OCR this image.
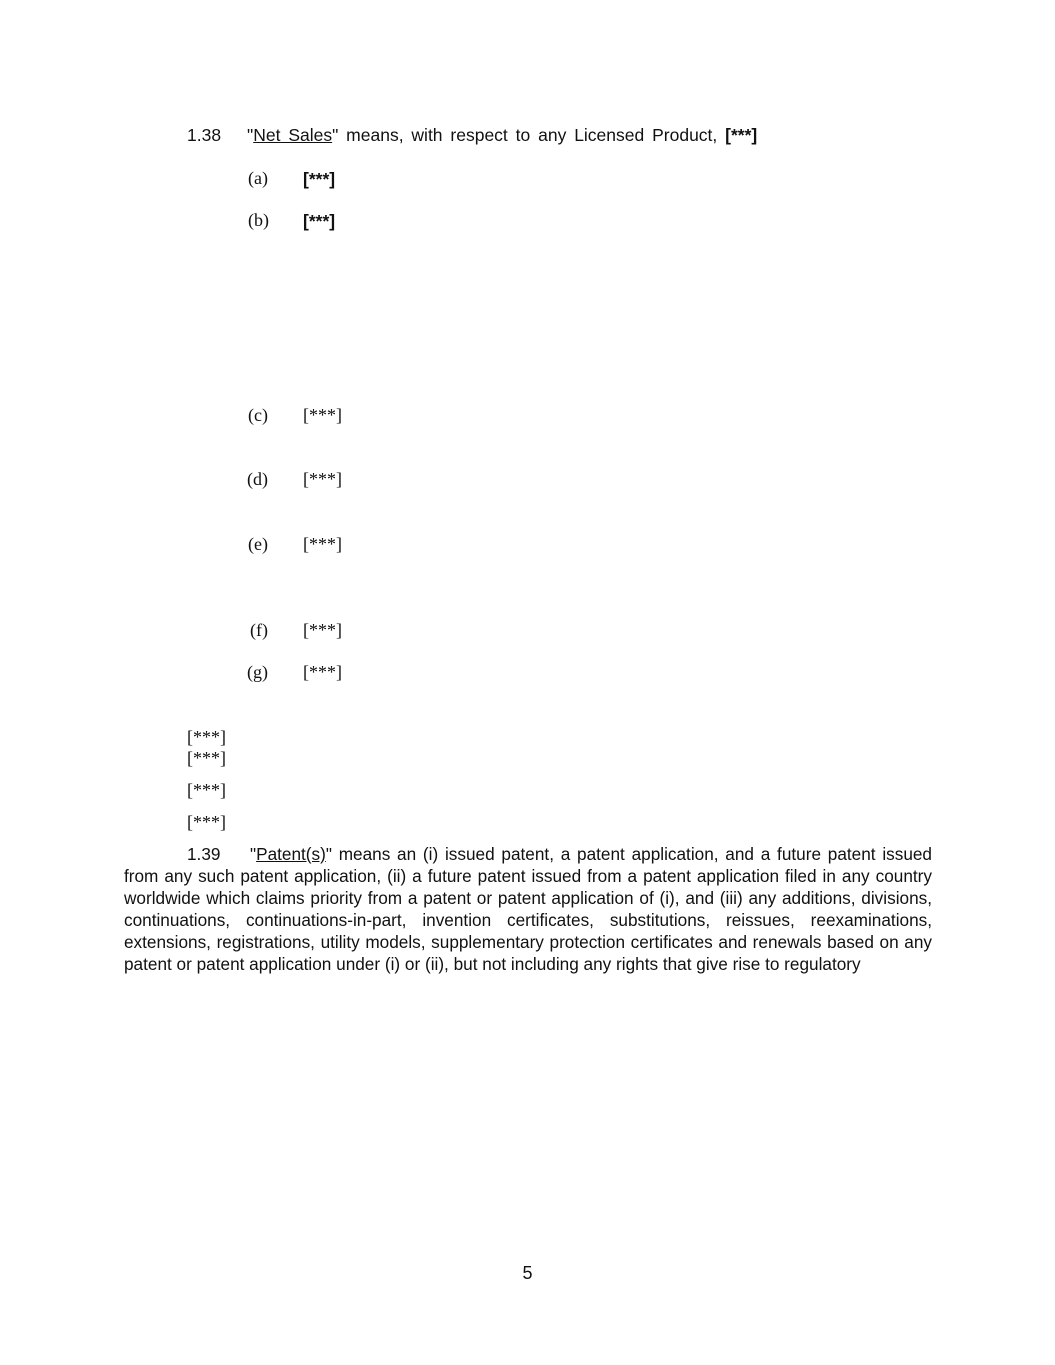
1.38 "Net Sales" means, with respect to any Licensed Product, [***]
(a) [***]
(b) [***]
(c) [***]
(d) [***]
(e) [***]
(f) [***]
(g) [***]
[***]
[***]
[***]
[***]
1.39 "Patent(s)" means an (i) issued patent, a patent application, and a future patent issued from any such patent application, (ii) a future patent issued from a patent application filed in any country worldwide which claims priority from a patent or patent application of (i), and (iii) any additions, divisions, continuations, continuations-in-part, invention certificates, substitutions, reissues, reexaminations, extensions, registrations, utility models, supplementary protection certificates and renewals based on any patent or patent application under (i) or (ii), but not including any rights that give rise to regulatory
5
